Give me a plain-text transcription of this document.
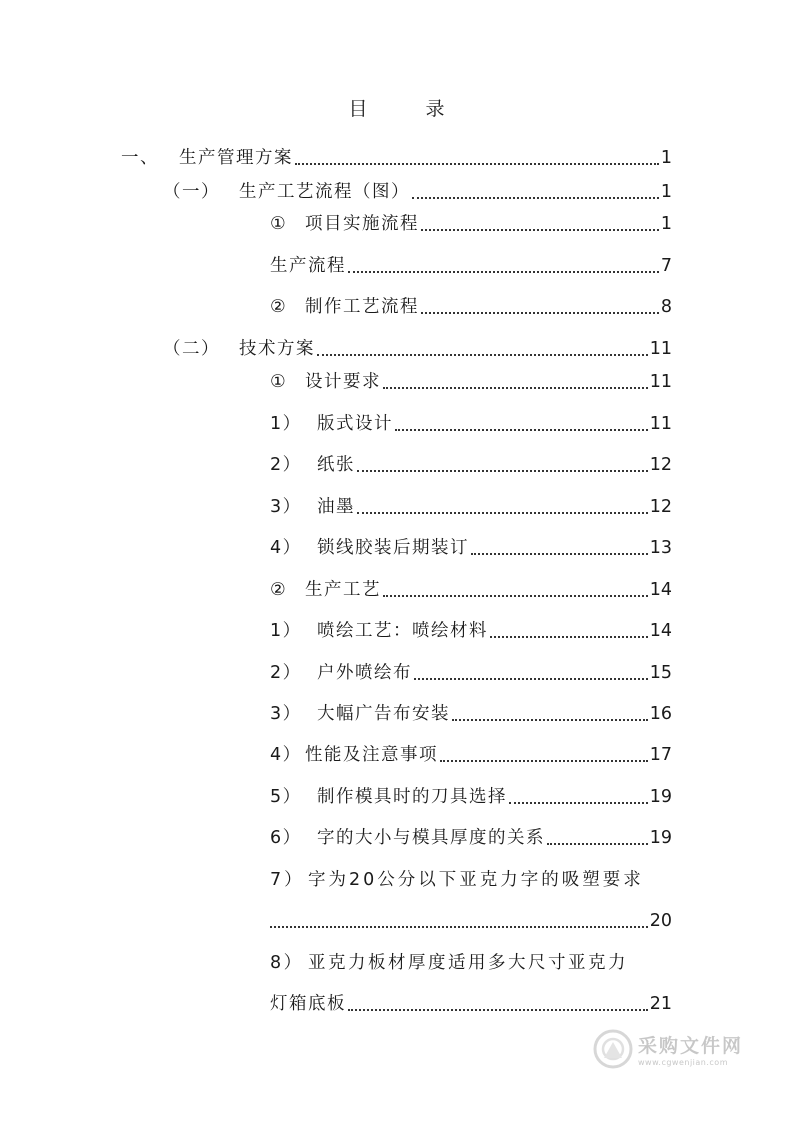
目 录
一、 生产管理方案	1
（一） 生产工艺流程（图）	1
① 项目实施流程	1
生产流程	7
② 制作工艺流程	8
（二） 技术方案	11
① 设计要求	11
1） 版式设计	11
2） 纸张	12
3） 油墨	12
4） 锁线胶装后期装订	13
② 生产工艺	14
1） 喷绘工艺：喷绘材料	14
2） 户外喷绘布	15
3） 大幅广告布安装	16
4） 性能及注意事项	17
5） 制作模具时的刀具选择	19
6） 字的大小与模具厚度的关系	19
7） 字为20公分以下亚克力字的吸塑要求
20
8） 亚克力板材厚度适用多大尺寸亚克力
灯箱底板	21
采购文件网
www.cgwenjian.com
